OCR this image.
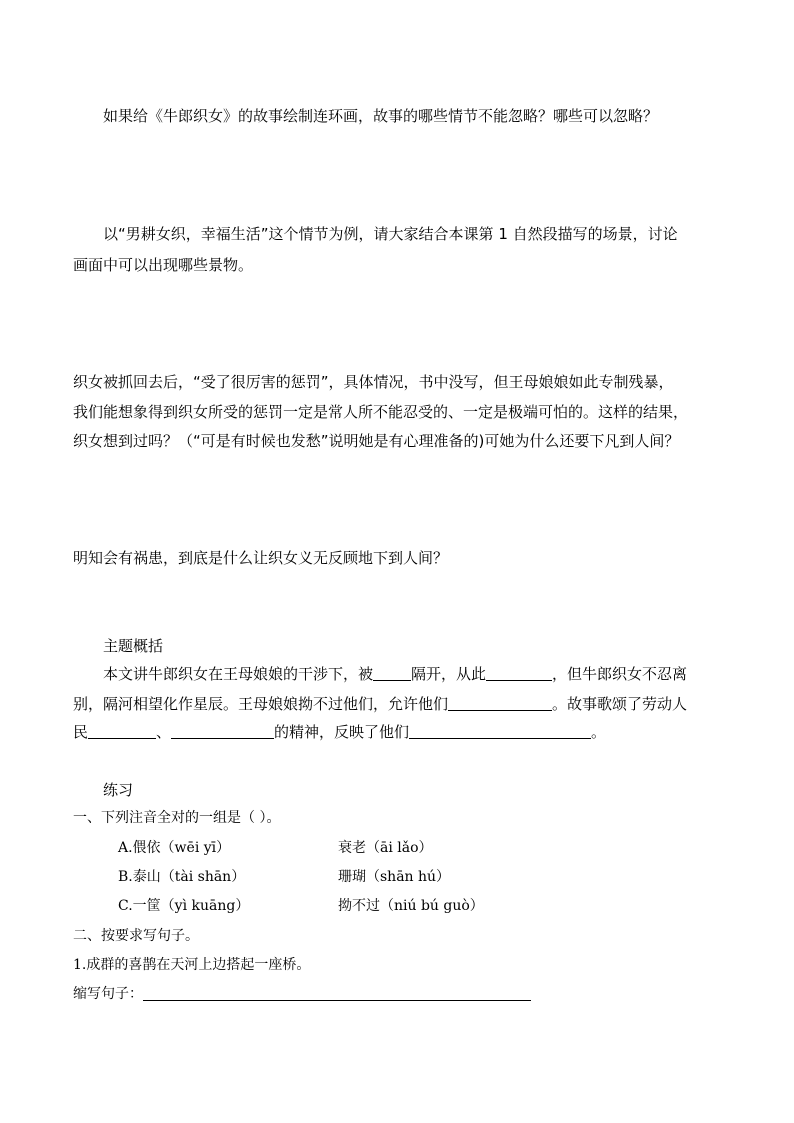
如果给《牛郎织女》的故事绘制连环画，故事的哪些情节不能忽略？哪些可以忽略？
以“男耕女织，幸福生活”这个情节为例，请大家结合本课第 1 自然段描写的场景，讨论
画面中可以出现哪些景物。
织女被抓回去后，“受了很厉害的惩罚”，具体情况，书中没写，但王母娘娘如此专制残暴，
我们能想象得到织女所受的惩罚一定是常人所不能忍受的、一定是极端可怕的。这样的结果，
织女想到过吗？（“可是有时候也发愁”说明她是有心理准备的)可她为什么还要下凡到人间？
明知会有祸患，到底是什么让织女义无反顾地下到人间？
主题概括
本文讲牛郎织女在王母娘娘的干涉下，被	隔开，从此	，但牛郎织女不忍离
别，隔河相望化作星辰。王母娘娘拗不过他们，允许他们	。故事歌颂了劳动人
民	、	的精神，反映了他们	。
练习
一、下列注音全对的一组是（ ）。
A.偎依（wēi yī）	衰老（āi lǎo）
B.泰山（tài shān）	珊瑚（shān hú）
C.一筐（yì kuāng）	拗不过（niú bú guò）
二、按要求写句子。
1.成群的喜鹊在天河上边搭起一座桥。
缩写句子：
